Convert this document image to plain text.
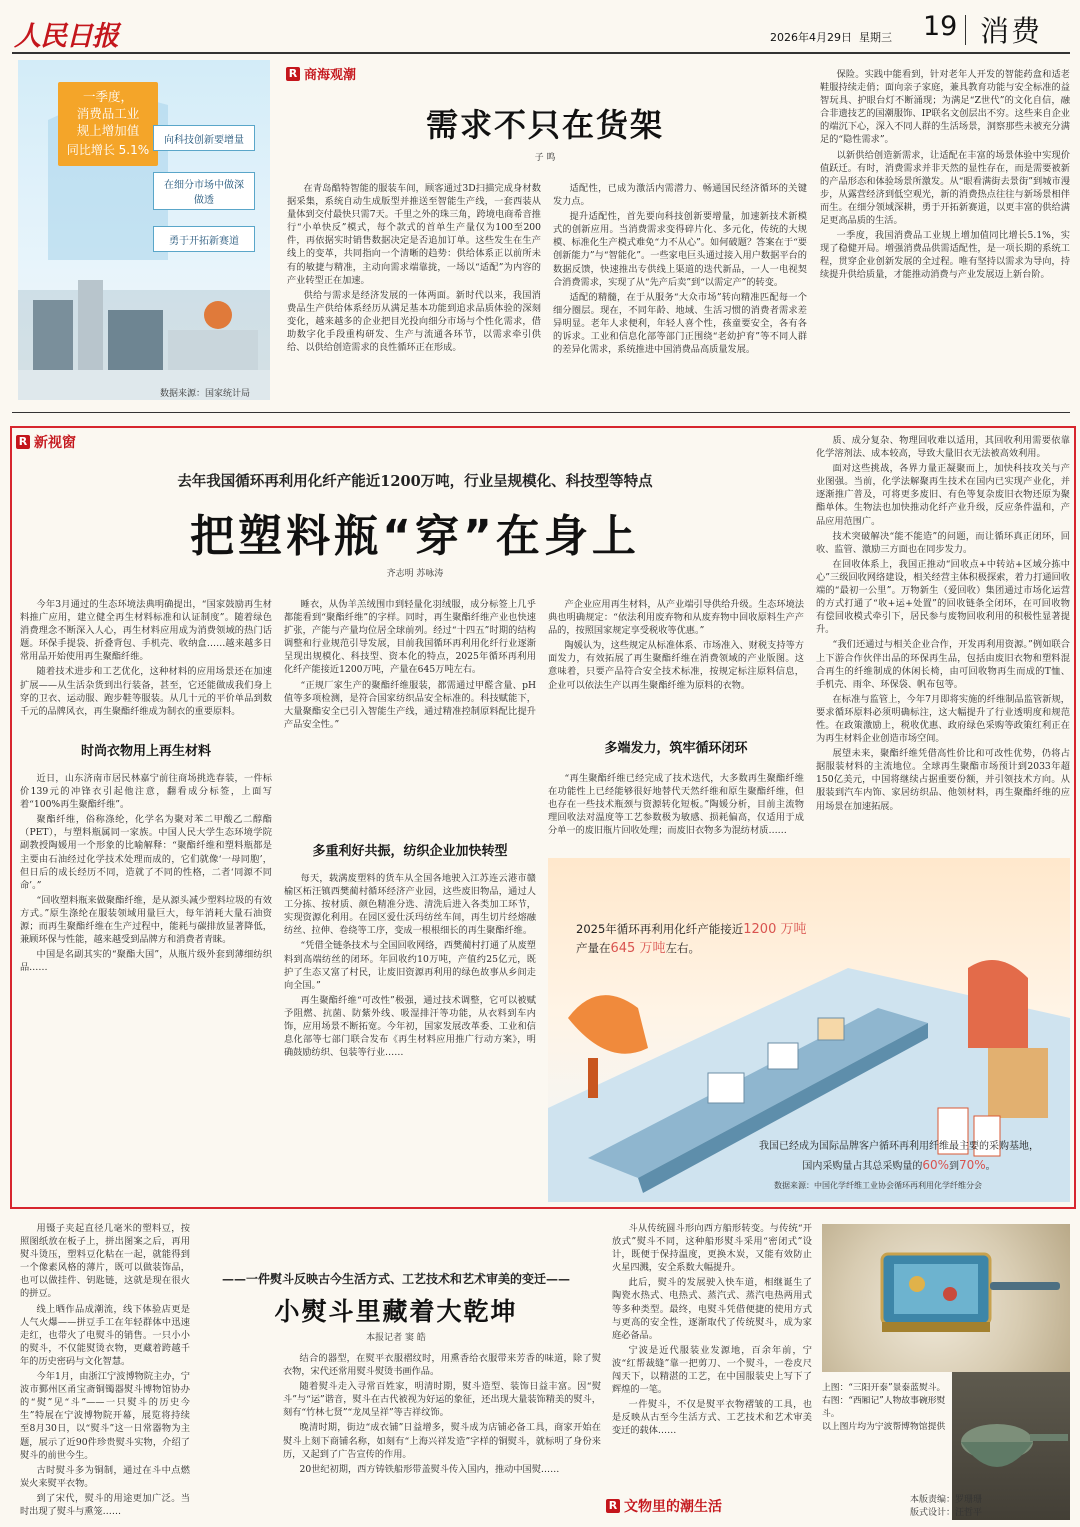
人民日报	2026年4月29日 星期三 19 消费
一季度，
消费品工业
规上增加值
同比增长 5.1%
向科技创新要增量
在细分市场中做深做透
勇于开拓新赛道
数据来源：国家统计局
R 商海观潮
需求不只在货架
子 鸣

在青岛酷特智能的服装车间，顾客通过3D扫描完成身材数据采集，系统自动生成版型并推送至智能生产线，一套西装从量体到交付最快只需7天。千里之外的珠三角，跨境电商希音推行“小单快反”模式，每个款式的首单生产量仅为100至200件，再依据实时销售数据决定是否追加订单。这些发生在生产线上的变革，共同指向一个清晰的趋势：供给体系正以前所未有的敏捷与精准，主动向需求端靠拢，一场以“适配”为内容的产业转型正在加速。

供给与需求是经济发展的一体两面。新时代以来，我国消费品生产供给体系经历从满足基本功能到追求品质体验的深刻变化，越来越多的企业把目光投向细分市场与个性化需求，借助数字化手段重构研发、生产与流通各环节，以需求牵引供给、以供给创造需求的良性循环正在形成。

适配性，已成为激活内需潜力、畅通国民经济循环的关键发力点。

提升适配性，首先要向科技创新要增量，加速新技术新模式的创新应用。当消费需求变得碎片化、多元化，传统的大规模、标准化生产模式难免“力不从心”。如何破题？答案在于“要创新能力”与“智能化”。一些家电巨头通过接入用户数据平台的数据反馈，快速推出专供线上渠道的迭代新品，一人一电视契合消费需求，实现了从“先产后卖”到“以需定产”的转变。

适配的精髓，在于从服务“大众市场”转向精准匹配每一个细分圈层。现在，不同年龄、地域、生活习惯的消费者需求差异明显。老年人求便利，年轻人喜个性，孩童要安全，各有各的诉求。工业和信息化部等部门正围绕“老幼护育”等不同人群的差异化需求，系统推进中国消费品高质量发展。

保险。实践中能看到，针对老年人开发的智能药盒和适老鞋服持续走俏；面向亲子家庭，兼具教育功能与安全标准的益智玩具、护眼台灯不断涌现；为满足“Z世代”的文化自信，融合非遗技艺的国潮服饰、IP联名文创层出不穷。这些来自企业的端沉下心，深入不同人群的生活场景，洞察那些未被充分满足的“隐性需求”。

以新供给创造新需求，让适配在丰富的场景体验中实现价值跃迁。有时，消费需求并非天然的显性存在，而是需要被新的产品形态和体验场景所激发。从“眼看满街去景街”到城市漫步，从露营经济到低空观光，新的消费热点往往与新场景相伴而生。在细分领域深耕，勇于开拓新赛道，以更丰富的供给满足更高品质的生活。

一季度，我国消费品工业规上增加值同比增长5.1%，实现了稳健开局。增强消费品供需适配性，是一项长期的系统工程，贯穿企业创新发展的全过程。唯有坚持以需求为导向，持续提升供给质量，才能推动消费与产业发展迈上新台阶。

R 新视窗
去年我国循环再利用化纤产能近1200万吨，行业呈规模化、科技型等特点
把塑料瓶“穿”在身上
齐志明 苏咏涛

今年3月通过的生态环境法典明确提出，“国家鼓励再生材料推广应用，建立健全再生材料标准和认证制度”。随着绿色消费理念不断深入人心，再生材料应用成为消费领域的热门话题。环保手提袋、折叠背包、手机壳、收纳盒……越来越多日常用品开始使用再生聚酯纤维。

随着技术进步和工艺优化，这种材料的应用场景还在加速扩展——从生活杂货到出行装备，甚至，它还能做成我们身上穿的卫衣、运动服、跑步鞋等服装。从几十元的平价单品到数千元的品牌风衣，再生聚酯纤维成为制衣的重要原料。

时尚衣物用上再生材料

近日，山东济南市居民林嘉宁前往商场挑选春装，一件标价139元的冲锋衣引起他注意，翻看成分标签，上面写着“100%再生聚酯纤维”。

聚酯纤维，俗称涤纶，化学名为聚对苯二甲酸乙二醇酯（PET），与塑料瓶属同一家族。中国人民大学生态环境学院副教授陶媛用一个形象的比喻解释：“聚酯纤维和塑料瓶都是主要由石油经过化学技术处理而成的，它们就像‘一母同胞’，但日后的成长经历不同，造就了不同的性格，二者‘同源不同命’。”

“回收塑料瓶来做聚酯纤维，是从源头减少塑料垃圾的有效方式。”原生涤纶在服装领域用量巨大，每年消耗大量石油资源；而再生聚酯纤维在生产过程中，能耗与碳排放显著降低，兼顾环保与性能，越来越受到品牌方和消费者青睐。

中国是名副其实的“聚酯大国”，从瓶片级外套到薄细纺织品……

睡衣，从伪羊羔绒围巾到轻量化羽绒服，成分标签上几乎都能看到“聚酯纤维”的字样。同时，再生聚酯纤维产业也快速扩张，产能与产量均位居全球前列。经过“十四五”时期的结构调整和行业规范引导发展，目前我国循环再利用化纤行业逐渐呈现出规模化、科技型、资本化的特点，2025年循环再利用化纤产能接近1200万吨，产量在645万吨左右。

“正规厂家生产的聚酯纤维服装，都需通过甲醛含量、pH值等多项检测，是符合国家纺织品安全标准的。科技赋能下，大量聚酯安全已引入智能生产线，通过精准控制原料配比提升产品安全性。”

多重利好共振，纺织企业加快转型

每天，载满废塑料的货车从全国各地驶入江苏连云港市赣榆区柘汪镇西樊蔺村循环经济产业园，这些废旧物品，通过人工分拣、按材质、颜色精准分选、清洗后进入各类加工环节，实现资源化利用。在园区爱仕沃玛纺丝车间，再生切片经熔融纺丝、拉伸、卷绕等工序，变成一根根细长的再生聚酯纤维。

“凭借全链条技术与全国回收网络，西樊蔺村打通了从废塑料到高端纺丝的闭环。年回收约10万吨，产值约25亿元，既护了生态又富了村民，让废旧资源再利用的绿色故事从乡间走向全国。”

再生聚酯纤维“可改性”极强，通过技术调整，它可以被赋予阻燃、抗菌、防紫外线、吸湿排汗等功能，从衣料到车内饰，应用场景不断拓宽。今年初，国家发展改革委、工业和信息化部等七部门联合发布《再生材料应用推广行动方案》，明确鼓励纺织、包装等行业……

产企业应用再生材料，从产业端引导供给升级。生态环境法典也明确规定：“依法利用废弃物和从废弃物中回收原料生产产品的，按照国家规定享受税收等优惠。”

陶媛认为，这些规定从标准体系、市场准入、财税支持等方面发力，有效拓展了再生聚酯纤维在消费领域的产业版图。这意味着，只要产品符合安全技术标准，按规定标注原料信息，企业可以依法生产以再生聚酯纤维为原料的衣物。

多端发力，筑牢循环闭环

“再生聚酯纤维已经完成了技术迭代，大多数再生聚酯纤维在功能性上已经能够很好地替代天然纤维和原生聚酯纤维，但也存在一些技术瓶颈与资源转化短板。”陶媛分析，目前主流物理回收法对温度等工艺参数极为敏感、损耗偏高，仅适用于成分单一的废旧瓶片回收处理；而废旧衣物多为混纺材质……

质、成分复杂、物理回收难以适用，其回收利用需要依靠化学溶剂法、成本较高，导致大量旧衣无法被高效利用。

面对这些挑战，各界力量正凝聚而上，加快科技攻关与产业图强。当前，化学法解聚再生技术在国内已实现产业化，并逐渐推广普及，可将更多废旧、有色等复杂废旧衣物还原为聚酯单体。生物法也加快推动化纤产业升级，反应条件温和，产品应用范围广。

技术突破解决“能不能造”的问题，而让循环真正闭环，回收、监管、激励三方面也在同步发力。

在回收体系上，我国正推动“回收点+中转站+区域分拣中心”三级回收网络建设，相关经营主体积极探索，着力打通回收端的“最初一公里”。万物新生（爱回收）集团通过市场化运营的方式打通了“收+运+处置”的回收链条全闭环，在可回收物有偿回收模式牵引下，居民参与废物回收利用的积极性显著提升。

“我们还通过与相关企业合作，开发再利用资源。”例如联合上下游合作伙伴出品的环保再生品，包括由废旧衣物和塑料混合再生的纤维制成的休闲长椅，由可回收物再生而成的T恤、手机壳、雨伞、环保袋、帆布包等。

在标准与监管上，今年7月即将实施的纤维制品监管新规，要求循环原料必须明确标注，这大幅提升了行业透明度和规范性。在政策激励上，税收优惠、政府绿色采购等政策红利正在为再生材料企业创造市场空间。

展望未来，聚酯纤维凭借高性价比和可改性优势，仍将占据服装材料的主流地位。全球再生聚酯市场预计到2033年超150亿美元，中国将继续占据重要份额，并引领技术方向。从服装到汽车内饰、家居纺织品、他领材料，再生聚酯纤维的应用场景在加速拓展。

2025年循环再利用化纤产能接近1200 万吨
产量在645 万吨左右。
我国已经成为国际品牌客户循环再利用纤维最主要的采购基地，
国内采购量占其总采购量的60%到70%。
数据来源：中国化学纤维工业协会循环再利用化学纤维分会

用镊子夹起直径几毫米的塑料豆，按照图纸放在板子上，拼出图案之后，再用熨斗烫压，塑料豆化粘在一起，就能得到一个像素风格的薄片，既可以做装饰品，也可以做挂件、钥匙链，这就是现在很火的拼豆。

线上晒作品成潮流，线下体验店更是人气火爆——拼豆手工在年轻群体中迅速走红，也带火了电熨斗的销售。一只小小的熨斗，不仅能熨烫衣物，更藏着跨越千年的历史密码与文化智慧。

今年1月，由浙江宁波博物院主办，宁波市鄞州区甬宝斋铜镯器熨斗博物馆协办的“熨”见“斗”——一只熨斗的历史今生”特展在宁波博物院开幕，展览将持续至8月30日，以“熨斗”这一日常器物为主题，展示了近90件珍贵熨斗实物，介绍了熨斗的前世今生。

古时熨斗多为铜制，通过在斗中点燃炭火来熨平衣物。

到了宋代，熨斗的用途更加广泛。当时出现了熨斗与熏笼……

——一件熨斗反映古今生活方式、工艺技术和艺术审美的变迁——
小熨斗里藏着大乾坤
本报记者 窦 皓

结合的器型，在熨平衣服褶纹时，用熏香给衣服带来芳香的味道，除了熨衣物，宋代还常用熨斗熨烫书画作品。

随着熨斗走入寻常百姓家，明清时期，熨斗造型、装饰日益丰富。因“熨斗”与“运”谐音，熨斗在古代被视为好运的象征，还出现大量装饰精美的熨斗，刻有“竹林七贤”“龙凤呈祥”等吉祥纹饰。

晚清时期，街边“成衣铺”日益增多，熨斗成为店铺必备工具，商家开始在熨斗上刻下商铺名称，如刻有“上海兴祥发造”字样的铜熨斗，就标明了身份来历，又起到了广告宣传的作用。

20世纪初期，西方铸铁船形带盖熨斗传入国内，推动中国熨……

斗从传统圆斗形向西方船形转变。与传统“开放式”熨斗不同，这种船形熨斗采用“密闭式”设计，既便于保持温度，更换木炭，又能有效防止火星四溅，安全系数大幅提升。

此后，熨斗的发展驶入快车道，相继诞生了陶瓷水热式、电热式、蒸汽式、蒸汽电热两用式等多种类型。最终，电熨斗凭借便捷的使用方式与更高的安全性，逐渐取代了传统熨斗，成为家庭必备品。

宁波是近代服装业发源地，百余年前，宁波“红帮裁缝”靠一把剪刀、一个熨斗，一卷皮尺闯天下，以精湛的工艺，在中国服装史上写下了辉煌的一笔。

一件熨斗，不仅是熨平衣物褶皱的工具，也是反映从古至今生活方式、工艺技术和艺术审美变迁的载体……

R 文物里的潮生活
上图：“三阳开泰”景泰蓝熨斗。
右图：“西厢记”人物故事碗形熨斗。
以上图片均为宁波帮博物馆提供
本版责编：罗珊珊
版式设计：汪哲平
